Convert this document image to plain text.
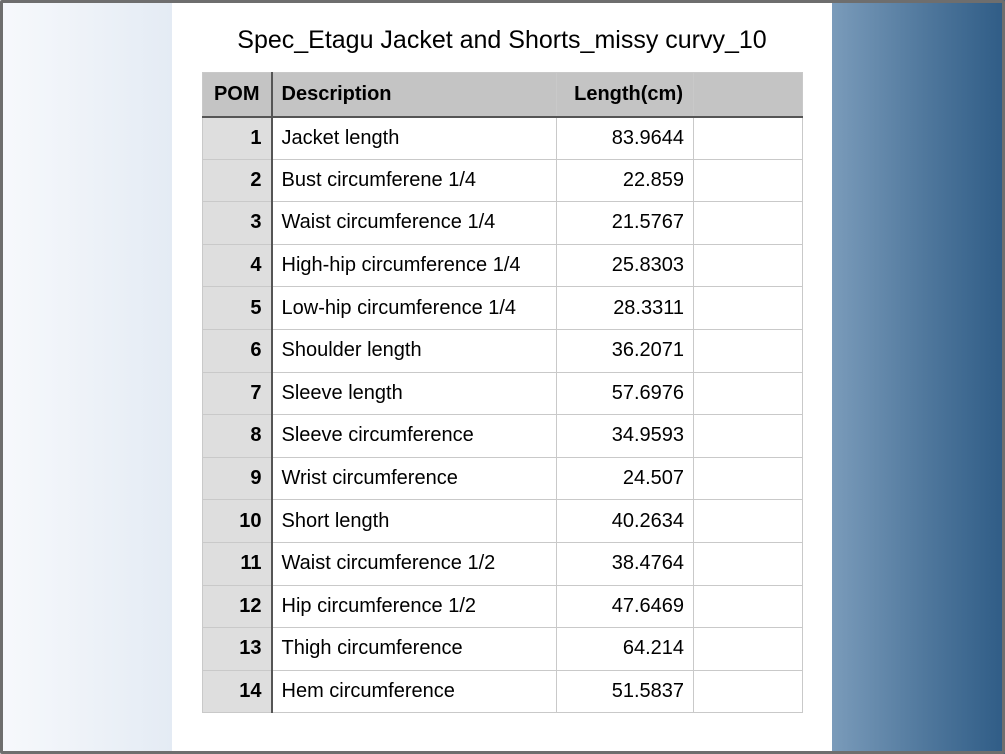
Spec_Etagu Jacket and Shorts_missy curvy_10
POM	Description	Length(cm)	
1	Jacket length	83.9644	
2	Bust circumferene 1/4	22.859	
3	Waist circumference 1/4	21.5767	
4	High-hip circumference 1/4	25.8303	
5	Low-hip circumference 1/4	28.3311	
6	Shoulder length	36.2071	
7	Sleeve length	57.6976	
8	Sleeve circumference	34.9593	
9	Wrist circumference	24.507	
10	Short length	40.2634	
11	Waist circumference 1/2	38.4764	
12	Hip circumference 1/2	47.6469	
13	Thigh circumference	64.214	
14	Hem circumference	51.5837	
